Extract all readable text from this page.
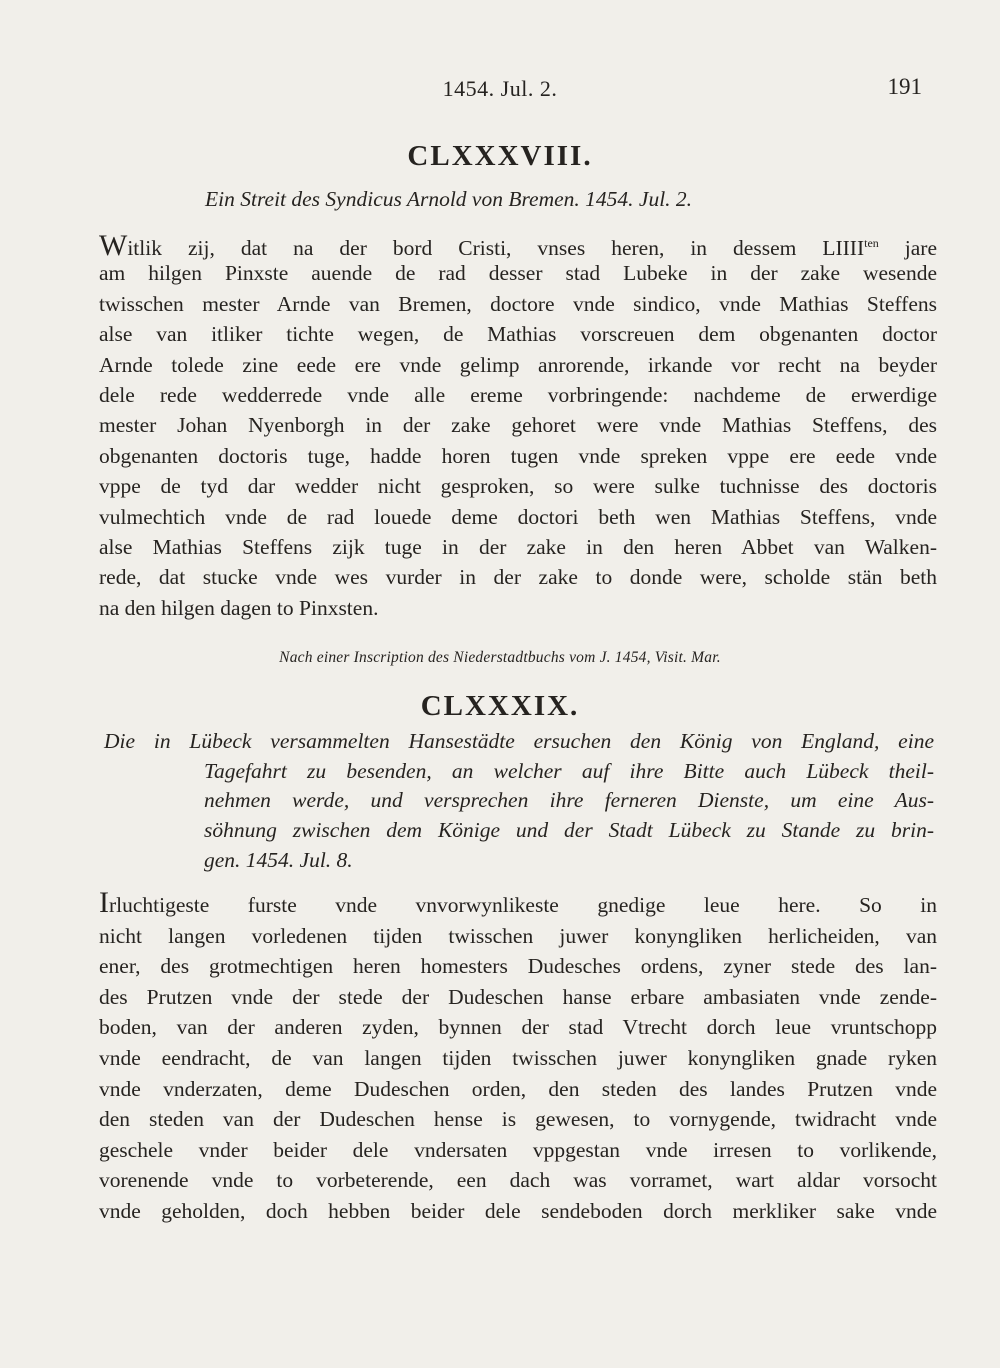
1454. Jul. 2.	191
CLXXXVIII.
Ein Streit des Syndicus Arnold von Bremen. 1454. Jul. 2.
Witlik zij, dat na der bord Cristi, vnses heren, in dessem $LIIII^{ten}$ jare
am hilgen Pinxste auende de rad desser stad Lubeke in der zake wesende
twisschen mester Arnde van Bremen, doctore vnde sindico, vnde Mathias Steffens
alse van itliker tichte wegen, de Mathias vorscreuen dem obgenanten doctor
Arnde tolede zine eede ere vnde gelimp anrorende, irkande vor recht na beyder
dele rede wedderrede vnde alle ereme vorbringende: nachdeme de erwerdige
mester Johan Nyenborgh in der zake gehoret were vnde Mathias Steffens, des
obgenanten doctoris tuge, hadde horen tugen vnde spreken vppe ere eede vnde
vppe de tyd dar wedder nicht gesproken, so were sulke tuchnisse des doctoris
vulmechtich vnde de rad louede deme doctori beth wen Mathias Steffens, vnde
alse Mathias Steffens zijk tuge in der zake in den heren Abbet van Walken-
rede, dat stucke vnde wes vurder in der zake to donde were, scholde stän beth
na den hilgen dagen to Pinxsten.
Nach einer Inscription des Niederstadtbuchs vom J. 1454, Visit. Mar.
CLXXXIX.
Die in Lübeck versammelten Hansestädte ersuchen den König von England, eine
Tagefahrt zu besenden, an welcher auf ihre Bitte auch Lübeck theil-
nehmen werde, und versprechen ihre ferneren Dienste, um eine Aus-
söhnung zwischen dem Könige und der Stadt Lübeck zu Stande zu brin-
gen. 1454. Jul. 8.
Irluchtigeste furste vnde vnvorwynlikeste gnedige leue here. So in
nicht langen vorledenen tijden twisschen juwer konyngliken herlicheiden, van
ener, des grotmechtigen heren homesters Dudesches ordens, zyner stede des lan-
des Prutzen vnde der stede der Dudeschen hanse erbare ambasiaten vnde zende-
boden, van der anderen zyden, bynnen der stad Vtrecht dorch leue vruntschopp
vnde eendracht, de van langen tijden twisschen juwer konyngliken gnade ryken
vnde vnderzaten, deme Dudeschen orden, den steden des landes Prutzen vnde
den steden van der Dudeschen hense is gewesen, to vornygende, twidracht vnde
geschele vnder beider dele vndersaten vppgestan vnde irresen to vorlikende,
vorenende vnde to vorbeterende, een dach was vorramet, wart aldar vorsocht
vnde geholden, doch hebben beider dele sendeboden dorch merkliker sake vnde
